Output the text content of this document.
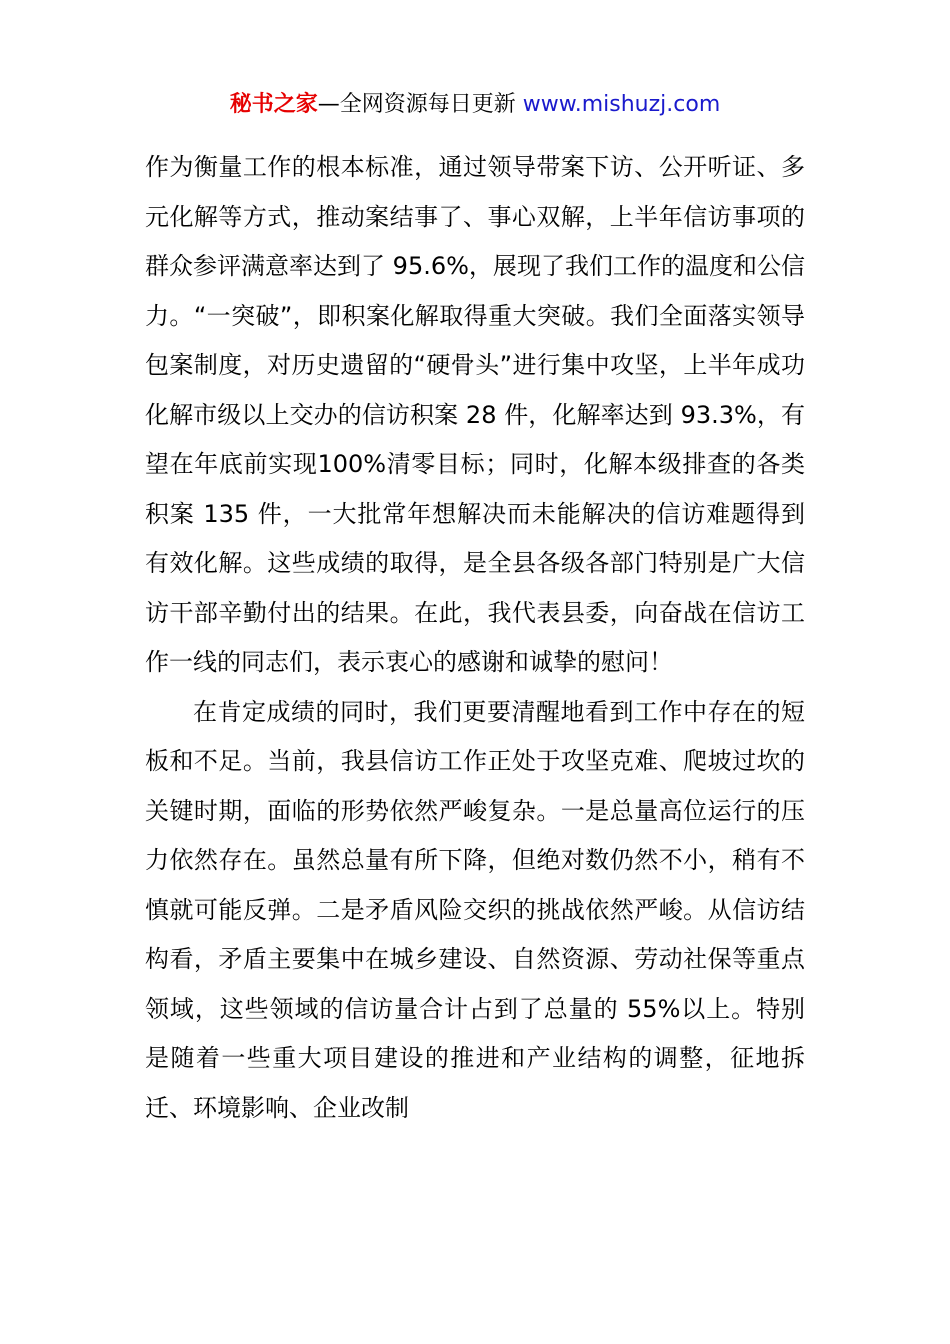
秘书之家—全网资源每日更新 www.mishuzj.com

作为衡量工作的根本标准，通过领导带案下访、公开听证、多元化解等方式，推动案结事了、事心双解，上半年信访事项的群众参评满意率达到了 95.6%，展现了我们工作的温度和公信力。“一突破”，即积案化解取得重大突破。我们全面落实领导包案制度，对历史遗留的“硬骨头”进行集中攻坚，上半年成功化解市级以上交办的信访积案 28 件，化解率达到 93.3%，有望在年底前实现100%清零目标；同时，化解本级排查的各类积案 135 件，一大批常年想解决而未能解决的信访难题得到有效化解。这些成绩的取得，是全县各级各部门特别是广大信访干部辛勤付出的结果。在此，我代表县委，向奋战在信访工作一线的同志们，表示衷心的感谢和诚挚的慰问！

在肯定成绩的同时，我们更要清醒地看到工作中存在的短板和不足。当前，我县信访工作正处于攻坚克难、爬坡过坎的关键时期，面临的形势依然严峻复杂。一是总量高位运行的压力依然存在。虽然总量有所下降，但绝对数仍然不小，稍有不慎就可能反弹。二是矛盾风险交织的挑战依然严峻。从信访结构看，矛盾主要集中在城乡建设、自然资源、劳动社保等重点领域，这些领域的信访量合计占到了总量的 55%以上。特别是随着一些重大项目建设的推进和产业结构的调整，征地拆迁、环境影响、企业改制
